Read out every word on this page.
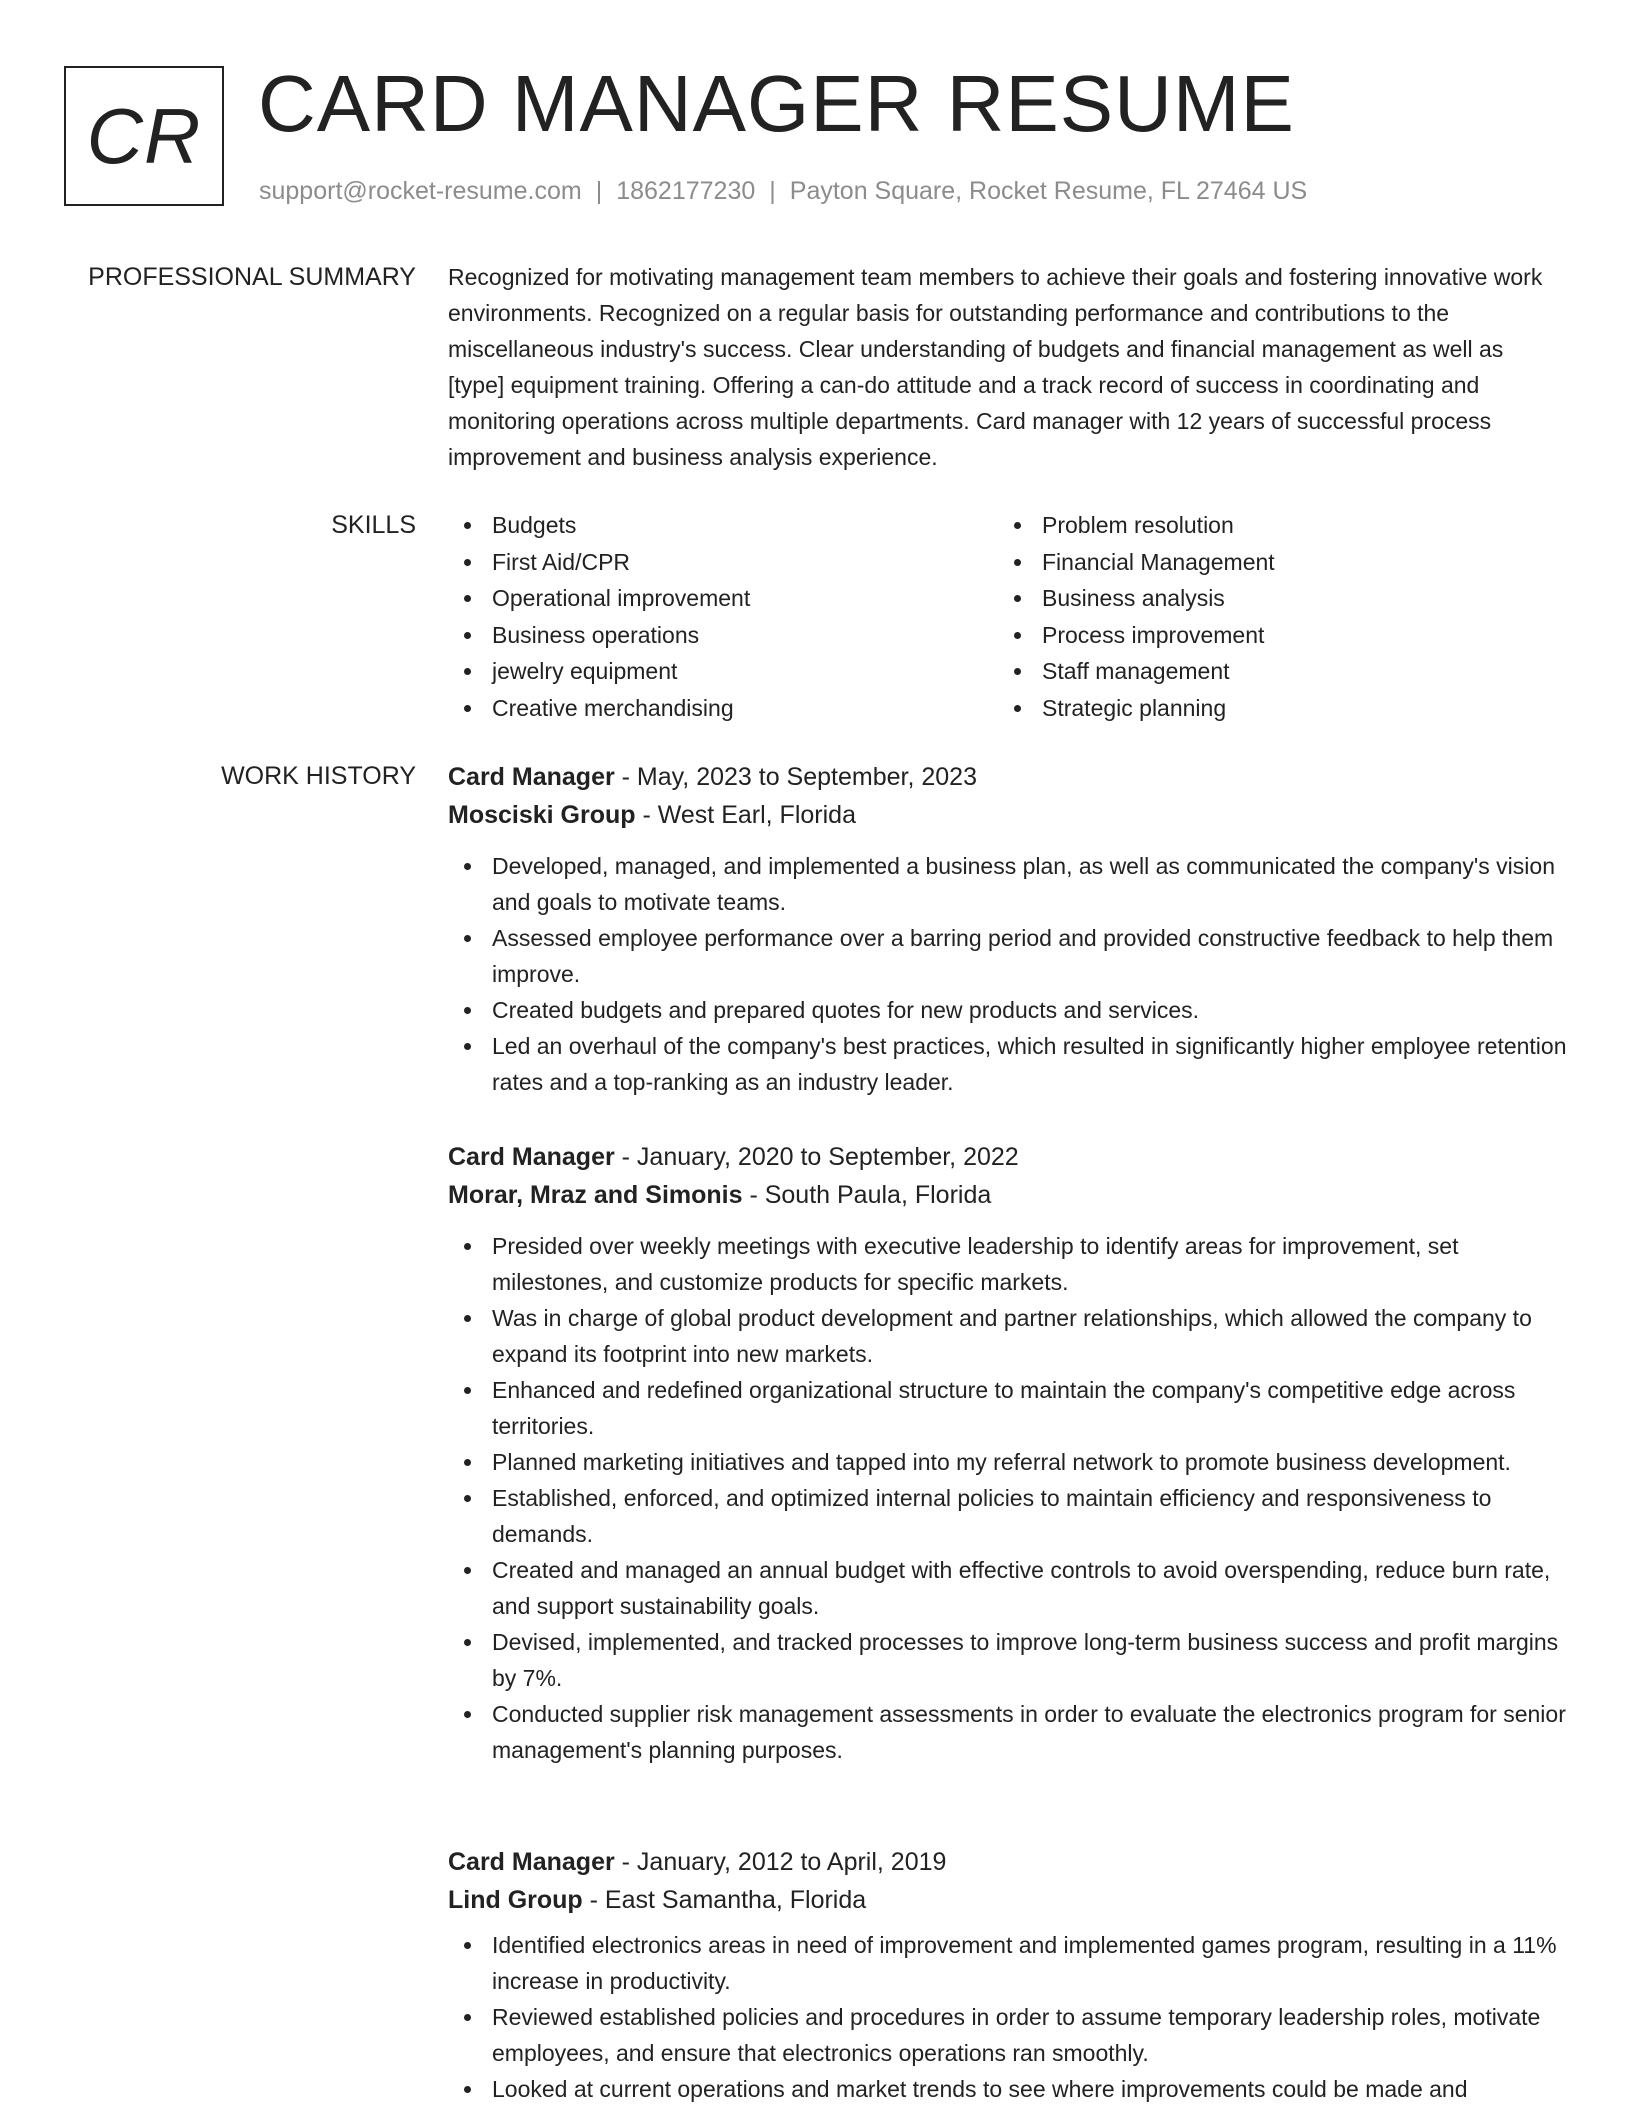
CR CARD MANAGER RESUME
support@rocket-resume.com | 1862177230 | Payton Square, Rocket Resume, FL 27464 US
PROFESSIONAL SUMMARY Recognized for motivating management team members to achieve their goals and fostering innovative work environments. Recognized on a regular basis for outstanding performance and contributions to the miscellaneous industry's success. Clear understanding of budgets and financial management as well as [type] equipment training. Offering a can-do attitude and a track record of success in coordinating and monitoring operations across multiple departments. Card manager with 12 years of successful process improvement and business analysis experience.
SKILLS	Budgets
First Aid/CPR
Operational improvement
Business operations
jewelry equipment
Creative merchandising
Problem resolution
Financial Management
Business analysis
Process improvement
Staff management
Strategic planning
WORK HISTORY Card Manager - May, 2023 to September, 2023
Mosciski Group - West Earl, Florida
Developed, managed, and implemented a business plan, as well as communicated the company's vision and goals to motivate teams.
Assessed employee performance over a barring period and provided constructive feedback to help them improve.
Created budgets and prepared quotes for new products and services.
Led an overhaul of the company's best practices, which resulted in significantly higher employee retention rates and a top-ranking as an industry leader.
Card Manager - January, 2020 to September, 2022
Morar, Mraz and Simonis - South Paula, Florida
Presided over weekly meetings with executive leadership to identify areas for improvement, set milestones, and customize products for specific markets.
Was in charge of global product development and partner relationships, which allowed the company to expand its footprint into new markets.
Enhanced and redefined organizational structure to maintain the company's competitive edge across territories.
Planned marketing initiatives and tapped into my referral network to promote business development.
Established, enforced, and optimized internal policies to maintain efficiency and responsiveness to demands.
Created and managed an annual budget with effective controls to avoid overspending, reduce burn rate, and support sustainability goals.
Devised, implemented, and tracked processes to improve long-term business success and profit margins by 7%.
Conducted supplier risk management assessments in order to evaluate the electronics program for senior management's planning purposes.
Card Manager - January, 2012 to April, 2019
Lind Group - East Samantha, Florida
Identified electronics areas in need of improvement and implemented games program, resulting in a 11% increase in productivity.
Reviewed established policies and procedures in order to assume temporary leadership roles, motivate employees, and ensure that electronics operations ran smoothly.
Looked at current operations and market trends to see where improvements could be made and
